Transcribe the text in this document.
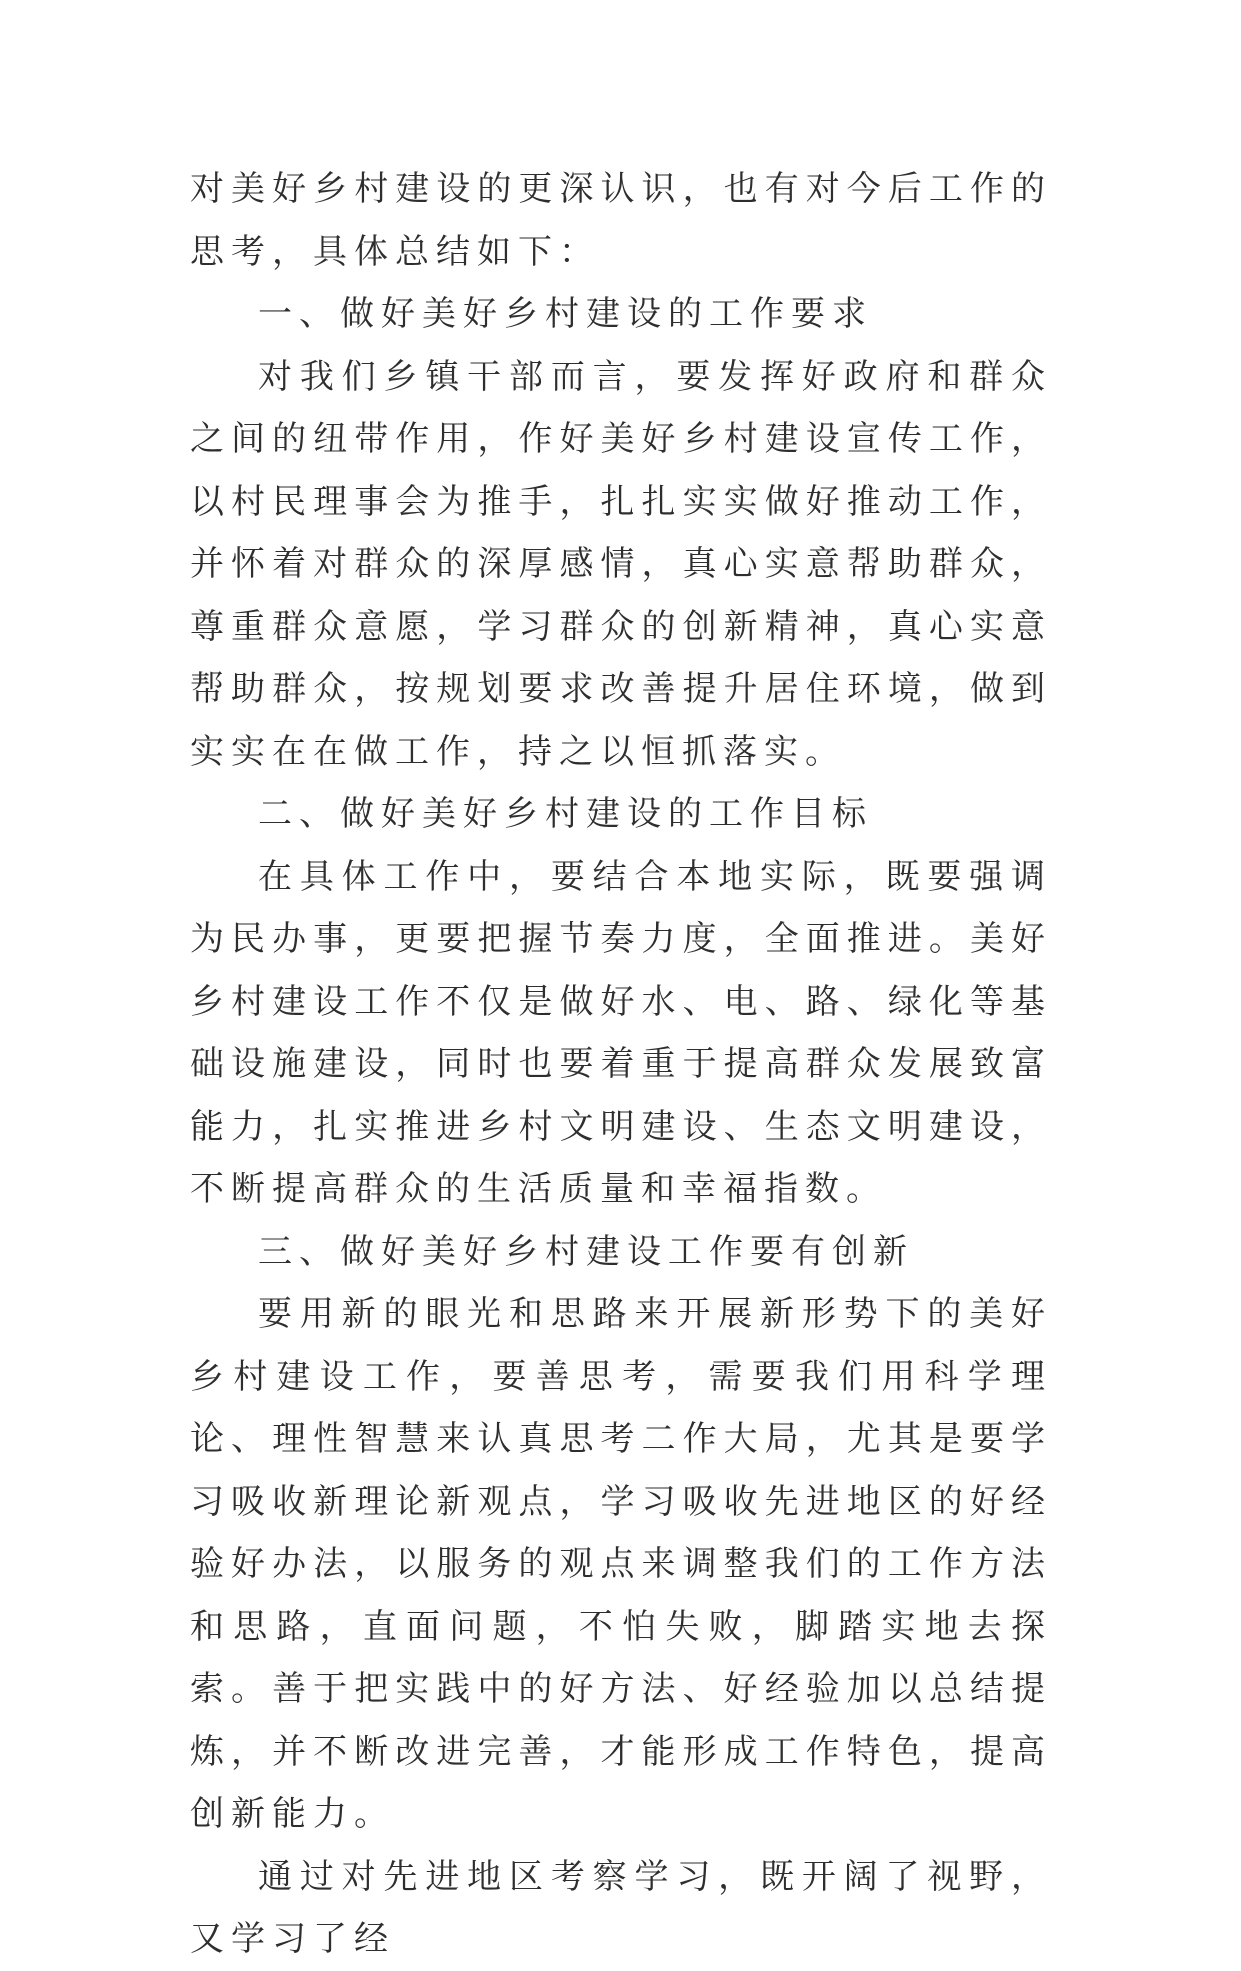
对美好乡村建设的更深认识，也有对今后工作的思考，具体总结如下：

一、做好美好乡村建设的工作要求

对我们乡镇干部而言，要发挥好政府和群众之间的纽带作用，作好美好乡村建设宣传工作，以村民理事会为推手，扎扎实实做好推动工作，并怀着对群众的深厚感情，真心实意帮助群众，尊重群众意愿，学习群众的创新精神，真心实意帮助群众，按规划要求改善提升居住环境，做到实实在在做工作，持之以恒抓落实。

二、做好美好乡村建设的工作目标

在具体工作中，要结合本地实际，既要强调为民办事，更要把握节奏力度，全面推进。美好乡村建设工作不仅是做好水、电、路、绿化等基础设施建设，同时也要着重于提高群众发展致富能力，扎实推进乡村文明建设、生态文明建设，不断提高群众的生活质量和幸福指数。

三、做好美好乡村建设工作要有创新

要用新的眼光和思路来开展新形势下的美好乡村建设工作，要善思考，需要我们用科学理论、理性智慧来认真思考二作大局，尤其是要学习吸收新理论新观点，学习吸收先进地区的好经验好办法，以服务的观点来调整我们的工作方法和思路，直面问题，不怕失败，脚踏实地去探索。善于把实践中的好方法、好经验加以总结提炼，并不断改进完善，才能形成工作特色，提高创新能力。

通过对先进地区考察学习，既开阔了视野，又学习了经
